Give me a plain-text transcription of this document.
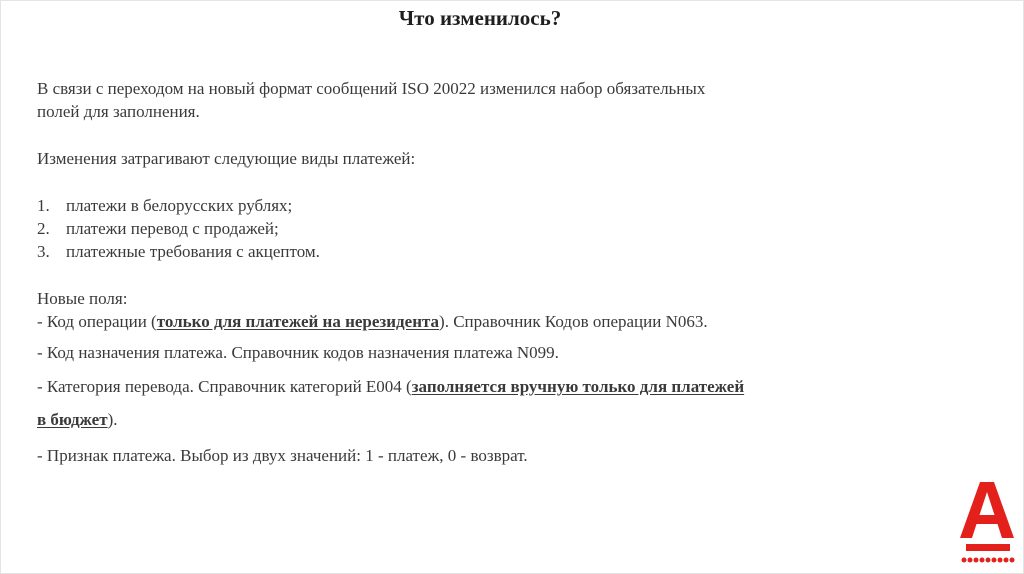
Что изменилось?
В связи с переходом на новый формат сообщений ISO 20022 изменился набор обязательных
полей для заполнения.
Изменения затрагивают следующие виды платежей:
1. платежи в белорусских рублях;
2. платежи перевод с продажей;
3. платежные требования с акцептом.
Новые поля:
- Код операции (только для платежей на нерезидента). Справочник Кодов операции N063.
- Код назначения платежа. Справочник кодов назначения платежа N099.
- Категория перевода. Справочник категорий E004 (заполняется вручную только для платежей
в бюджет).
- Признак платежа. Выбор из двух значений: 1 - платеж, 0 - возврат.
